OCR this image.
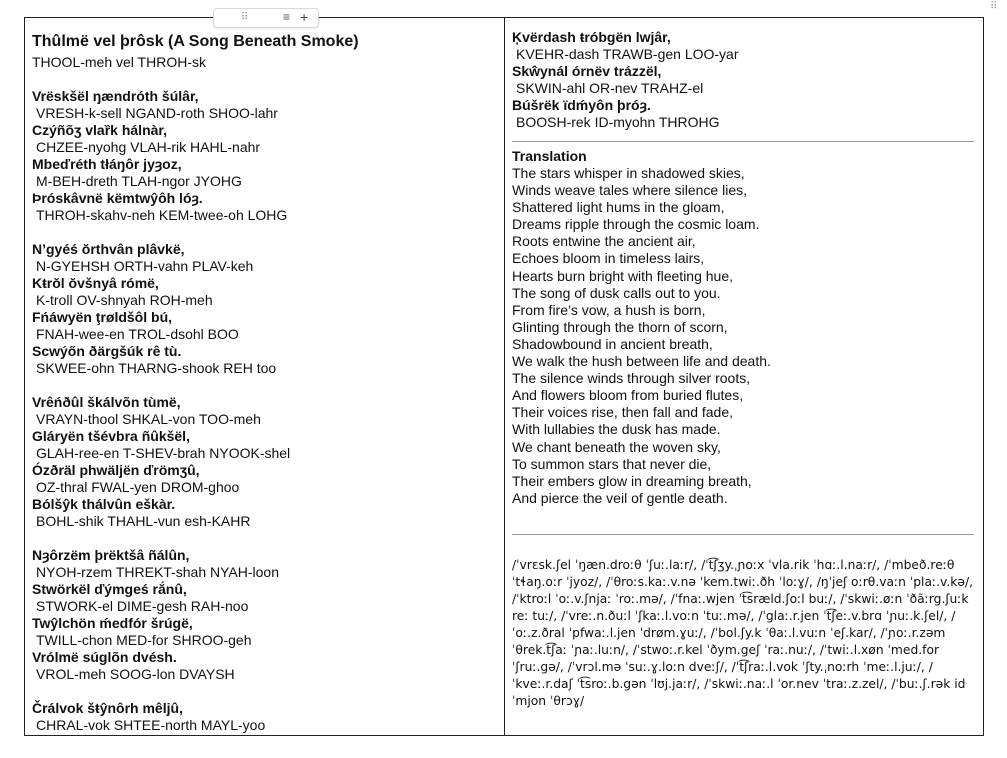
⠿	≡ +
⠿

Thûlmë vel þrôsk (A Song Beneath Smoke)

THOOL-meh vel THROH-sk

Vrëskšël ŋændróth šúlâr,

VRESH-k-sell NGAND-roth SHOO-lahr

Czýñõʒ vlaȑk hálnàr,

CHZEE-nyohg VLAH-rik HAHL-nahr

Mbeďréth tłáŋôr jyȝoz,

M-BEH-dreth TLAH-ngor JYOHG

Þróskâvnë këmtwŷôh lóȝ.

THROH-skahv-neh KEM-twee-oh LOHG

N’gyéś ŏrthvân plâvkë,

N-GYEHSH ORTH-vahn PLAV-keh

Kŧrŏl ŏvšnyâ rómë,

K-troll OV-shnyah ROH-meh

Fńáwyën ţrøldšôl bú,

FNAH-wee-en TROL-dsohl BOO

Scwýőn ðärgšúk rê tù.

SKWEE-ohn THARNG-shook REH too

Vrêńðûl škálvõn tùmë,

VRAYN-thool SHKAL-von TOO-meh

Gláryën tšévbra ñûkšël,

GLAH-ree-en T-SHEV-brah NYOOK-shel

Ózðräl phwäljën ďrömʒû,

OZ-thral FWAL-yen DROM-ghoo

Bólšŷk thálvûn eškàr.

BOHL-shik THAHL-vun esh-KAHR

Nȝôrzëm þrëktšâ ñálûn,

NYOH-rzem THREKT-shah NYAH-loon

Stwörkël ďýmgeś rắnû,

STWORK-el DIME-gesh RAH-noo

Twŷlchön ḿedfór šrúgë,

TWILL-chon MED-for SHROO-geh

Vrólmë súglõn dvésh.

VROL-meh SOOG-lon DVAYSH

Črálvok šŧŷnôrh mêljû,

CHRAL-vok SHTEE-north MAYL-yoo

Ķvërdash ŧróbgën lwjâr,

KVEHR-dash TRAWB-gen LOO-yar

Skŵynál órnëv trázzël,

SKWIN-ahl OR-nev TRAHZ-el

Búšrëk ïdḿyôn þróȝ.

BOOSH-rek ID-myohn THROHG

Translation

The stars whisper in shadowed skies,

Winds weave tales where silence lies,

Shattered light hums in the gloam,

Dreams ripple through the cosmic loam.

Roots entwine the ancient air,

Echoes bloom in timeless lairs,

Hearts burn bright with fleeting hue,

The song of dusk calls out to you.

From fire’s vow, a hush is born,

Glinting through the thorn of scorn,

Shadowbound in ancient breath,

We walk the hush between life and death.

The silence winds through silver roots,

And flowers bloom from buried flutes,

Their voices rise, then fall and fade,

With lullabies the dusk has made.

We chant beneath the woven sky,

To summon stars that never die,

Their embers glow in dreaming breath,

And pierce the veil of gentle death.

/ˈvrɛsk.ʃel ˈŋæn.droːθ ˈʃuː.laːr/, /ˈt͡ʃʒy.ˌɲoːx ˈvla.rik ˈhɑː.l.naːr/, /ˈmbeð.reːθ ˈtɬaŋ.oːr ˈjyoz/, /ˈθroːs.kaː.v.nə ˈkem.twiː.ðh ˈloːɣ/, /ŋˈjeʃ oːrθ.vaːn ˈplaː.v.kə/, /ˈktroːl ˈoː.v.ʃnjaː ˈroː.mə/, /ˈfnaː.wjen ˈt͡sræld.ʃoːl buː/, /ˈskwiː.øːn ˈðãːrg.ʃuːk reː tuː/, /ˈvreː.n.ðuːl ˈʃkaː.l.voːn ˈtuː.mə/, /ˈglaː.r.jen ˈt͡ʃeː.v.brɑ ˈɲuː.k.ʃel/, /ˈoː.z.ðral ˈpfwaː.l.jen ˈdrøm.ɣuː/, /ˈbol.ʃy.k ˈθaː.l.vuːn ˈeʃ.kar/, /ˈɲoː.r.zəm ˈθrek.t͡ʃaː ˈɲaː.luːn/, /ˈstwoː.r.kel ˈðym.geʃ ˈraː.nuː/, /ˈtwiː.l.xøn ˈmed.for ˈʃruː.gə/, /ˈvrɔl.mə ˈsuː.ɣ.loːn dveːʃ/, /ˈt͡ʃraː.l.vok ˈʃty.ˌnoːrh ˈmeː.l.juː/, /ˈkveː.r.daʃ ˈt͡sroː.b.gən ˈlʊj.jaːr/, /ˈskwiː.naː.l ˈor.nev ˈtraː.z.zel/, /ˈbuː.ʃ.rək idˈmjon ˈθrɔɣ/
